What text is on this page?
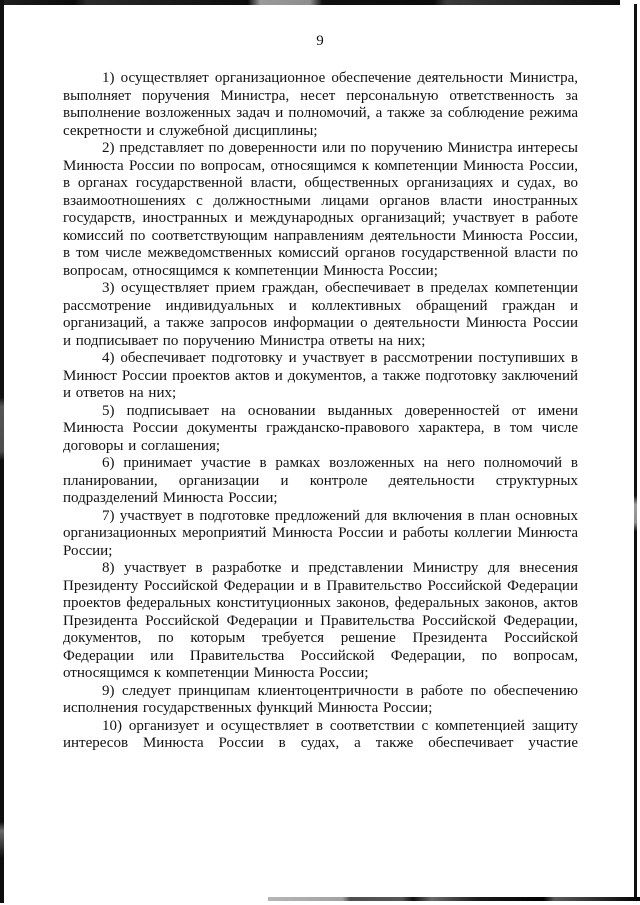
9

1) осуществляет организационное обеспечение деятельности Министра, выполняет поручения Министра, несет персональную ответственность за выполнение возложенных задач и полномочий, а также за соблюдение режима секретности и служебной дисциплины;

2) представляет по доверенности или по поручению Министра интересы Минюста России по вопросам, относящимся к компетенции Минюста России, в органах государственной власти, общественных организациях и судах, во взаимоотношениях с должностными лицами органов власти иностранных государств, иностранных и международных организаций; участвует в работе комиссий по соответствующим направлениям деятельности Минюста России, в том числе межведомственных комиссий органов государственной власти по вопросам, относящимся к компетенции Минюста России;

3) осуществляет прием граждан, обеспечивает в пределах компетенции рассмотрение индивидуальных и коллективных обращений граждан и организаций, а также запросов информации о деятельности Минюста России и подписывает по поручению Министра ответы на них;

4) обеспечивает подготовку и участвует в рассмотрении поступивших в Минюст России проектов актов и документов, а также подготовку заключений и ответов на них;

5) подписывает на основании выданных доверенностей от имени Минюста России документы гражданско-правового характера, в том числе договоры и соглашения;

6) принимает участие в рамках возложенных на него полномочий в планировании, организации и контроле деятельности структурных подразделений Минюста России;

7) участвует в подготовке предложений для включения в план основных организационных мероприятий Минюста России и работы коллегии Минюста России;

8) участвует в разработке и представлении Министру для внесения Президенту Российской Федерации и в Правительство Российской Федерации проектов федеральных конституционных законов, федеральных законов, актов Президента Российской Федерации и Правительства Российской Федерации, документов, по которым требуется решение Президента Российской Федерации или Правительства Российской Федерации, по вопросам, относящимся к компетенции Минюста России;

9) следует принципам клиентоцентричности в работе по обеспечению исполнения государственных функций Минюста России;

10) организует и осуществляет в соответствии с компетенцией защиту интересов Минюста России в судах, а также обеспечивает участие
